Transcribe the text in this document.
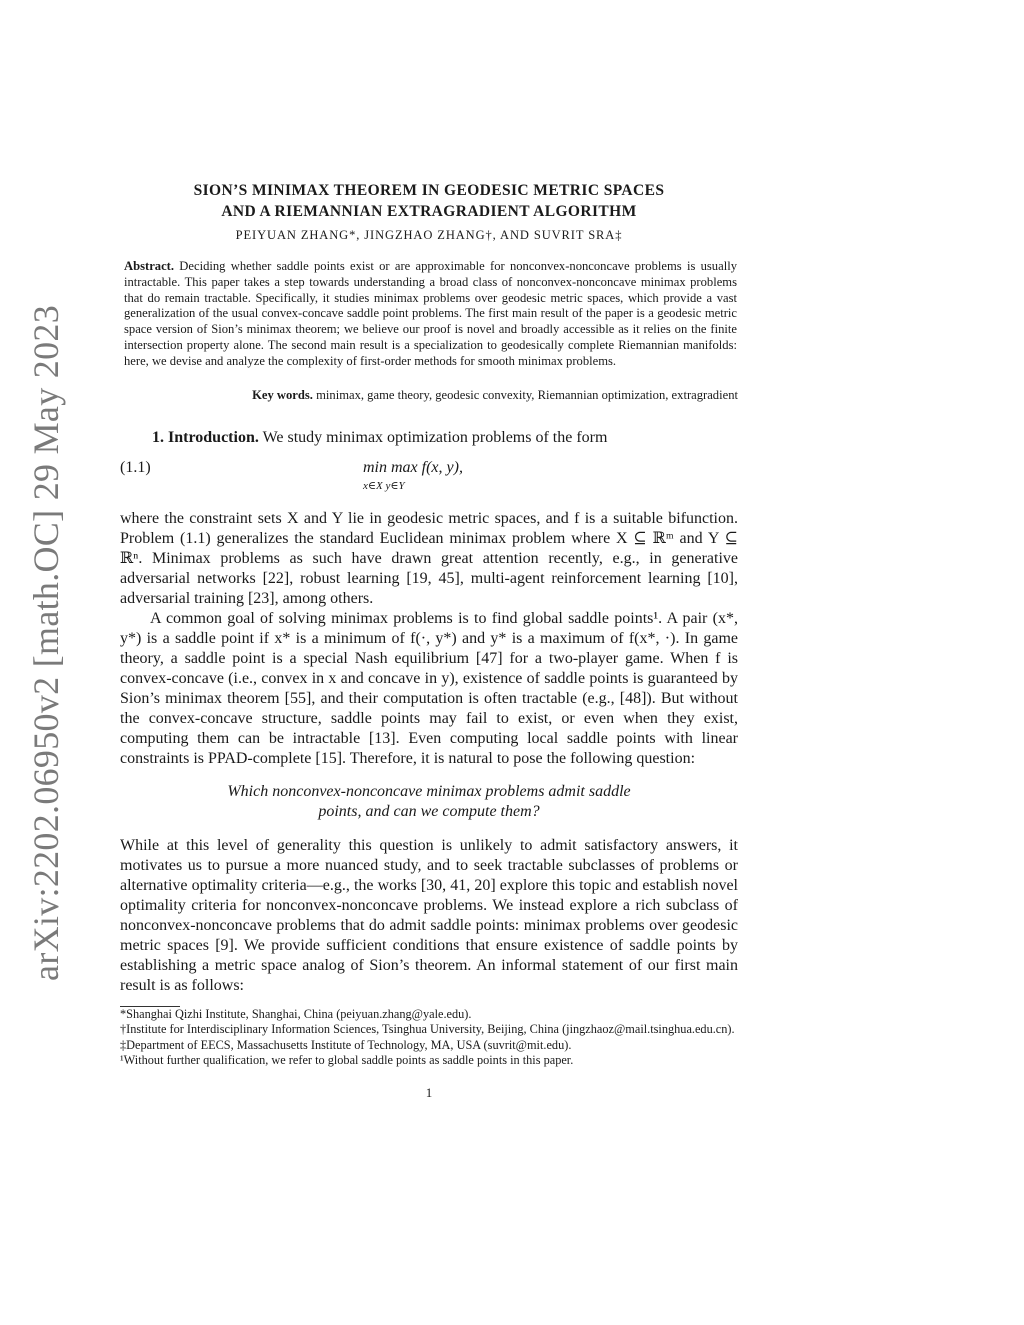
arXiv:2202.06950v2 [math.OC] 29 May 2023
SION’S MINIMAX THEOREM IN GEODESIC METRIC SPACES
AND A RIEMANNIAN EXTRAGRADIENT ALGORITHM
PEIYUAN ZHANG*, JINGZHAO ZHANG†, AND SUVRIT SRA‡
Abstract. Deciding whether saddle points exist or are approximable for nonconvex-nonconcave problems is usually intractable. This paper takes a step towards understanding a broad class of nonconvex-nonconcave minimax problems that do remain tractable. Specifically, it studies minimax problems over geodesic metric spaces, which provide a vast generalization of the usual convex-concave saddle point problems. The first main result of the paper is a geodesic metric space version of Sion’s minimax theorem; we believe our proof is novel and broadly accessible as it relies on the finite intersection property alone. The second main result is a specialization to geodesically complete Riemannian manifolds: here, we devise and analyze the complexity of first-order methods for smooth minimax problems.
Key words. minimax, game theory, geodesic convexity, Riemannian optimization, extragradient
1. Introduction. We study minimax optimization problems of the form
(1.1)	min max f(x, y),
x∈X y∈Y
where the constraint sets X and Y lie in geodesic metric spaces, and f is a suitable bifunction. Problem (1.1) generalizes the standard Euclidean minimax problem where X ⊆ ℝᵐ and Y ⊆ ℝⁿ. Minimax problems as such have drawn great attention recently, e.g., in generative adversarial networks [22], robust learning [19, 45], multi-agent reinforcement learning [10], adversarial training [23], among others.
A common goal of solving minimax problems is to find global saddle points¹. A pair (x*, y*) is a saddle point if x* is a minimum of f(·, y*) and y* is a maximum of f(x*, ·). In game theory, a saddle point is a special Nash equilibrium [47] for a two-player game. When f is convex-concave (i.e., convex in x and concave in y), existence of saddle points is guaranteed by Sion’s minimax theorem [55], and their computation is often tractable (e.g., [48]). But without the convex-concave structure, saddle points may fail to exist, or even when they exist, computing them can be intractable [13]. Even computing local saddle points with linear constraints is PPAD-complete [15]. Therefore, it is natural to pose the following question:
Which nonconvex-nonconcave minimax problems admit saddle
points, and can we compute them?
While at this level of generality this question is unlikely to admit satisfactory answers, it motivates us to pursue a more nuanced study, and to seek tractable subclasses of problems or alternative optimality criteria—e.g., the works [30, 41, 20] explore this topic and establish novel optimality criteria for nonconvex-nonconcave problems. We instead explore a rich subclass of nonconvex-nonconcave problems that do admit saddle points: minimax problems over geodesic metric spaces [9]. We provide sufficient conditions that ensure existence of saddle points by establishing a metric space analog of Sion’s theorem. An informal statement of our first main result is as follows:
*Shanghai Qizhi Institute, Shanghai, China (peiyuan.zhang@yale.edu).
†Institute for Interdisciplinary Information Sciences, Tsinghua University, Beijing, China (jingzhaoz@mail.tsinghua.edu.cn).
‡Department of EECS, Massachusetts Institute of Technology, MA, USA (suvrit@mit.edu).
¹Without further qualification, we refer to global saddle points as saddle points in this paper.
1
